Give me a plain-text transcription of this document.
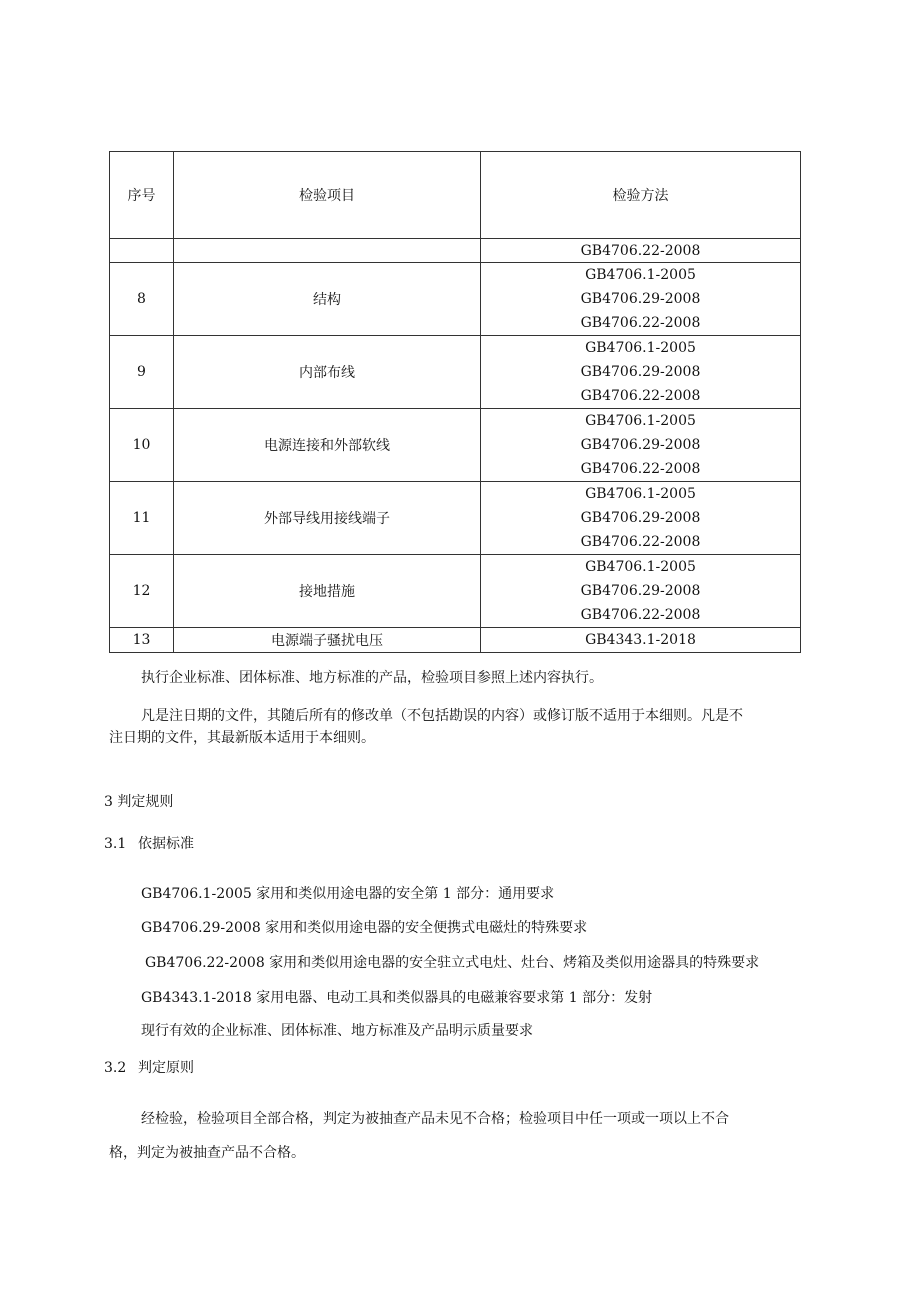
序号	检验项目	检验方法
		GB4706.22-2008
8	结构	GB4706.1-2005
GB4706.29-2008
GB4706.22-2008

9	内部布线	GB4706.1-2005
GB4706.29-2008
GB4706.22-2008

10	电源连接和外部软线	GB4706.1-2005
GB4706.29-2008
GB4706.22-2008

11	外部导线用接线端子	GB4706.1-2005
GB4706.29-2008
GB4706.22-2008

12	接地措施	GB4706.1-2005
GB4706.29-2008
GB4706.22-2008

13	电源端子骚扰电压	GB4343.1-2018
执行企业标准、团体标准、地方标准的产品，检验项目参照上述内容执行。
凡是注日期的文件，其随后所有的修改单（不包括勘误的内容）或修订版不适用于本细则。凡是不
注日期的文件，其最新版本适用于本细则。
3 判定规则
3.1 依据标准
GB4706.1-2005 家用和类似用途电器的安全第 1 部分：通用要求
GB4706.29-2008 家用和类似用途电器的安全便携式电磁灶的特殊要求
GB4706.22-2008 家用和类似用途电器的安全驻立式电灶、灶台、烤箱及类似用途器具的特殊要求
GB4343.1-2018 家用电器、电动工具和类似器具的电磁兼容要求第 1 部分：发射
现行有效的企业标准、团体标准、地方标准及产品明示质量要求
3.2 判定原则
经检验，检验项目全部合格，判定为被抽查产品未见不合格；检验项目中任一项或一项以上不合
格，判定为被抽查产品不合格。
